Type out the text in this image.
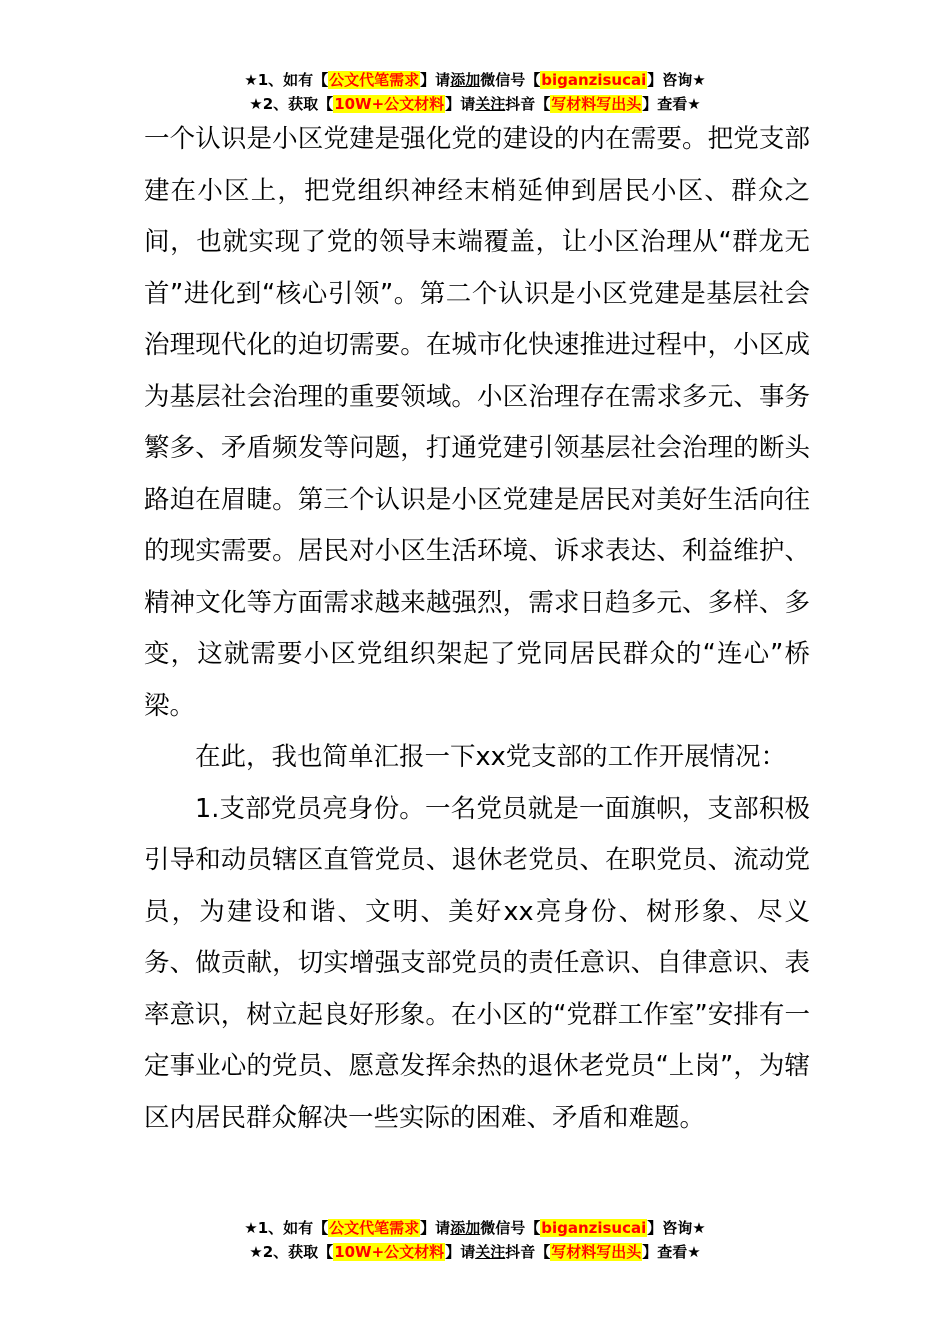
★1、如有【公文代笔需求】请添加微信号【biganzisucai】咨询★
★2、获取【10W+公文材料】请关注抖音【写材料写出头】查看★

一个认识是小区党建是强化党的建设的内在需要。把党支部建在小区上，把党组织神经末梢延伸到居民小区、群众之间，也就实现了党的领导末端覆盖，让小区治理从“群龙无首”进化到“核心引领”。第二个认识是小区党建是基层社会治理现代化的迫切需要。在城市化快速推进过程中，小区成为基层社会治理的重要领域。小区治理存在需求多元、事务繁多、矛盾频发等问题，打通党建引领基层社会治理的断头路迫在眉睫。第三个认识是小区党建是居民对美好生活向往的现实需要。居民对小区生活环境、诉求表达、利益维护、精神文化等方面需求越来越强烈，需求日趋多元、多样、多变，这就需要小区党组织架起了党同居民群众的“连心”桥梁。

在此，我也简单汇报一下xx党支部的工作开展情况：

1.支部党员亮身份。一名党员就是一面旗帜，支部积极引导和动员辖区直管党员、退休老党员、在职党员、流动党员，为建设和谐、文明、美好xx亮身份、树形象、尽义务、做贡献，切实增强支部党员的责任意识、自律意识、表率意识，树立起良好形象。在小区的“党群工作室”安排有一定事业心的党员、愿意发挥余热的退休老党员“上岗”，为辖区内居民群众解决一些实际的困难、矛盾和难题。

★1、如有【公文代笔需求】请添加微信号【biganzisucai】咨询★
★2、获取【10W+公文材料】请关注抖音【写材料写出头】查看★
